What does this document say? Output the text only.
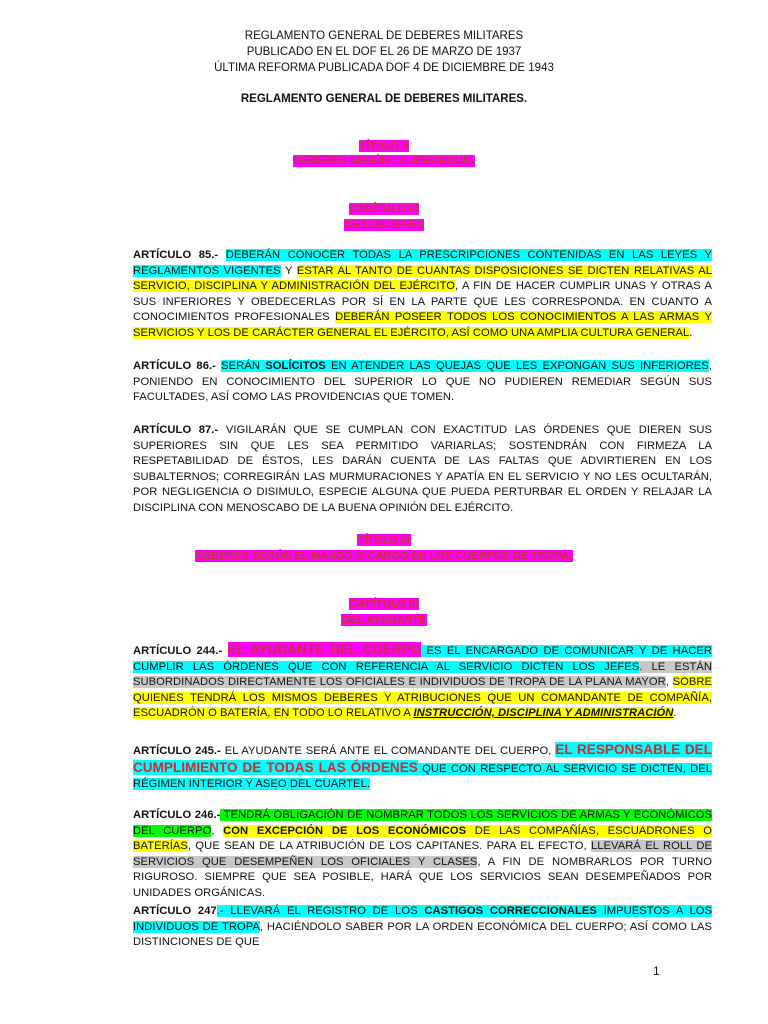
REGLAMENTO GENERAL DE DEBERES MILITARES
PUBLICADO EN EL DOF EL 26 DE MARZO DE 1937
ÚLTIMA REFORMA PUBLICADA DOF 4 DE DICIEMBRE DE 1943
REGLAMENTO GENERAL DE DEBERES MILITARES.
TÍTULO II
DEBERES SEGÚN LA JERARQUIA
CAPÍTULO III
DE LOS JEFES
ARTÍCULO 85.- DEBERÁN CONOCER TODAS LA PRESCRIPCIONES CONTENIDAS EN LAS LEYES Y REGLAMENTOS VIGENTES Y ESTAR AL TANTO DE CUANTAS DISPOSICIONES SE DICTEN RELATIVAS AL SERVICIO, DISCIPLINA Y ADMINISTRACIÓN DEL EJÉRCITO, A FIN DE HACER CUMPLIR UNAS Y OTRAS A SUS INFERIORES Y OBEDECERLAS POR SÍ EN LA PARTE QUE LES CORRESPONDA. EN CUANTO A CONOCIMIENTOS PROFESIONALES DEBERÁN POSEER TODOS LOS CONOCIMIENTOS A LAS ARMAS Y SERVICIOS Y LOS DE CARÁCTER GENERAL EL EJÉRCITO, ASÍ COMO UNA AMPLIA CULTURA GENERAL.
ARTÍCULO 86.- SERÁN SOLÍCITOS EN ATENDER LAS QUEJAS QUE LES EXPONGAN SUS INFERIORES, PONIENDO EN CONOCIMIENTO DEL SUPERIOR LO QUE NO PUDIEREN REMEDIAR SEGÚN SUS FACULTADES, ASÍ COMO LAS PROVIDENCIAS QUE TOMEN.
ARTÍCULO 87.- VIGILARÁN QUE SE CUMPLAN CON EXACTITUD LAS ÓRDENES QUE DIEREN SUS SUPERIORES SIN QUE LES SEA PERMITIDO VARIARLAS; SOSTENDRÁN CON FIRMEZA LA RESPETABILIDAD DE ÉSTOS, LES DARÁN CUENTA DE LAS FALTAS QUE ADVIRTIEREN EN LOS SUBALTERNOS; CORREGIRÁN LAS MURMURACIONES Y APATÍA EN EL SERVICIO Y NO LES OCULTARÁN, POR NEGLIGENCIA O DISIMULO, ESPECIE ALGUNA QUE PUEDA PERTURBAR EL ORDEN Y RELAJAR LA DISCIPLINA CON MENOSCABO DE LA BUENA OPINIÓN DEL EJÉRCITO.
TÍTULO III
DEBERES SEGÚN EL MANDO O CARGO EN LOS CUERPOS DE TROPA.
CAPÍTULO III
DEL AYUDANTE
ARTÍCULO 244.- EL AYUDANTE DEL CUERPO ES EL ENCARGADO DE COMUNICAR Y DE HACER CUMPLIR LAS ÓRDENES QUE CON REFERENCIA AL SERVICIO DICTEN LOS JEFES. LE ESTÁN SUBORDINADOS DIRECTAMENTE LOS OFICIALES E INDIVIDUOS DE TROPA DE LA PLANA MAYOR, SOBRE QUIENES TENDRÁ LOS MISMOS DEBERES Y ATRIBUCIONES QUE UN COMANDANTE DE COMPAÑÍA, ESCUADRÓN O BATERÍA, EN TODO LO RELATIVO A INSTRUCCIÓN, DISCIPLINA Y ADMINISTRACIÓN.
ARTÍCULO 245.- EL AYUDANTE SERÁ ANTE EL COMANDANTE DEL CUERPO, EL RESPONSABLE DEL CUMPLIMIENTO DE TODAS LAS ÓRDENES QUE CON RESPECTO AL SERVICIO SE DICTEN, DEL RÉGIMEN INTERIOR Y ASEO DEL CUARTEL.
ARTÍCULO 246.- TENDRÁ OBLIGACIÓN DE NOMBRAR TODOS LOS SERVICIOS DE ARMAS Y ECONÓMICOS DEL CUERPO, CON EXCEPCIÓN DE LOS ECONÓMICOS DE LAS COMPAÑÍAS, ESCUADRONES O BATERÍAS, QUE SEAN DE LA ATRIBUCIÓN DE LOS CAPITANES. PARA EL EFECTO, LLEVARÁ EL ROLL DE SERVICIOS QUE DESEMPEÑEN LOS OFICIALES Y CLASES, A FIN DE NOMBRARLOS POR TURNO RIGUROSO. SIEMPRE QUE SEA POSIBLE, HARÁ QUE LOS SERVICIOS SEAN DESEMPEÑADOS POR UNIDADES ORGÁNICAS.
ARTÍCULO 247.- LLEVARÁ EL REGISTRO DE LOS CASTIGOS CORRECCIONALES IMPUESTOS A LOS INDIVIDUOS DE TROPA, HACIÉNDOLO SABER POR LA ORDEN ECONÓMICA DEL CUERPO; ASÍ COMO LAS DISTINCIONES DE QUE
1
